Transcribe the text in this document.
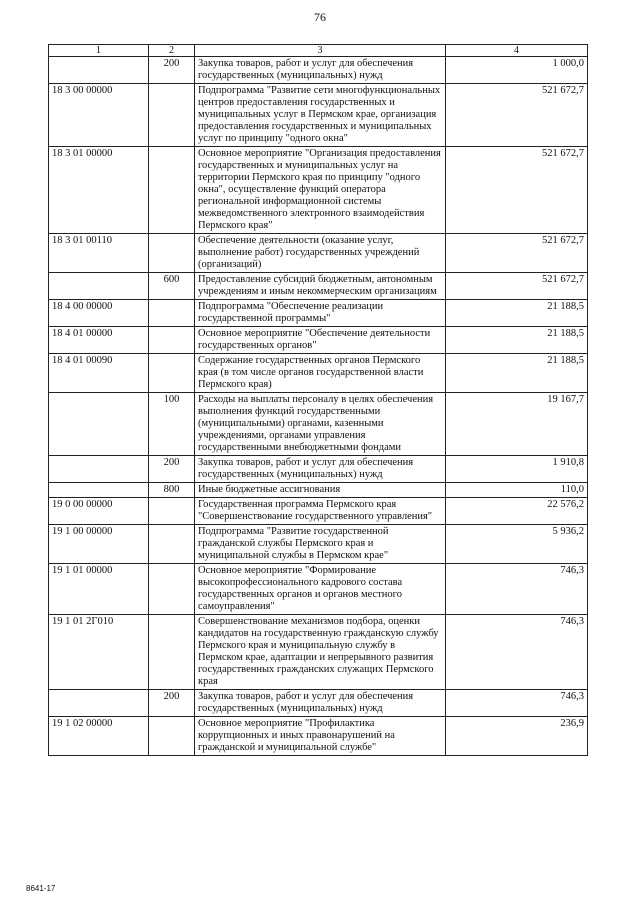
76
1	2	3	4
	200	Закупка товаров, работ и услуг для обеспечения государственных (муниципальных) нужд	1 000,0
18 3 00 00000		Подпрограмма "Развитие сети многофункциональных центров предоставления государственных и муниципальных услуг в Пермском крае, организация предоставления государственных и муниципальных услуг по принципу "одного окна"	521 672,7
18 3 01 00000		Основное мероприятие "Организация предоставления государственных и муниципальных услуг на территории Пермского края по принципу "одного окна", осуществление функций оператора региональной информационной системы межведомственного электронного взаимодействия Пермского края"	521 672,7
18 3 01 00110		Обеспечение деятельности (оказание услуг, выполнение работ) государственных учреждений (организаций)	521 672,7
	600	Предоставление субсидий бюджетным, автономным учреждениям и иным некоммерческим организациям	521 672,7
18 4 00 00000		Подпрограмма "Обеспечение реализации государственной программы"	21 188,5
18 4 01 00000		Основное мероприятие "Обеспечение деятельности государственных органов"	21 188,5
18 4 01 00090		Содержание государственных органов Пермского края (в том числе органов государственной власти Пермского края)	21 188,5
	100	Расходы на выплаты персоналу в целях обеспечения выполнения функций государственными (муниципальными) органами, казенными учреждениями, органами управления государственными внебюджетными фондами	19 167,7
	200	Закупка товаров, работ и услуг для обеспечения государственных (муниципальных) нужд	1 910,8
	800	Иные бюджетные ассигнования	110,0
19 0 00 00000		Государственная программа Пермского края "Совершенствование государственного управления"	22 576,2
19 1 00 00000		Подпрограмма "Развитие государственной гражданской службы Пермского края и муниципальной службы в Пермском крае"	5 936,2
19 1 01 00000		Основное мероприятие "Формирование высокопрофессионального кадрового состава государственных органов и органов местного самоуправления"	746,3
19 1 01 2Г010		Совершенствование механизмов подбора, оценки кандидатов на государственную гражданскую службу Пермского края и муниципальную службу в Пермском крае, адаптации и непрерывного развития государственных гражданских служащих Пермского края	746,3
	200	Закупка товаров, работ и услуг для обеспечения государственных (муниципальных) нужд	746,3
19 1 02 00000		Основное мероприятие "Профилактика коррупционных и иных правонарушений на гражданской и муниципальной службе"	236,9
8641-17
